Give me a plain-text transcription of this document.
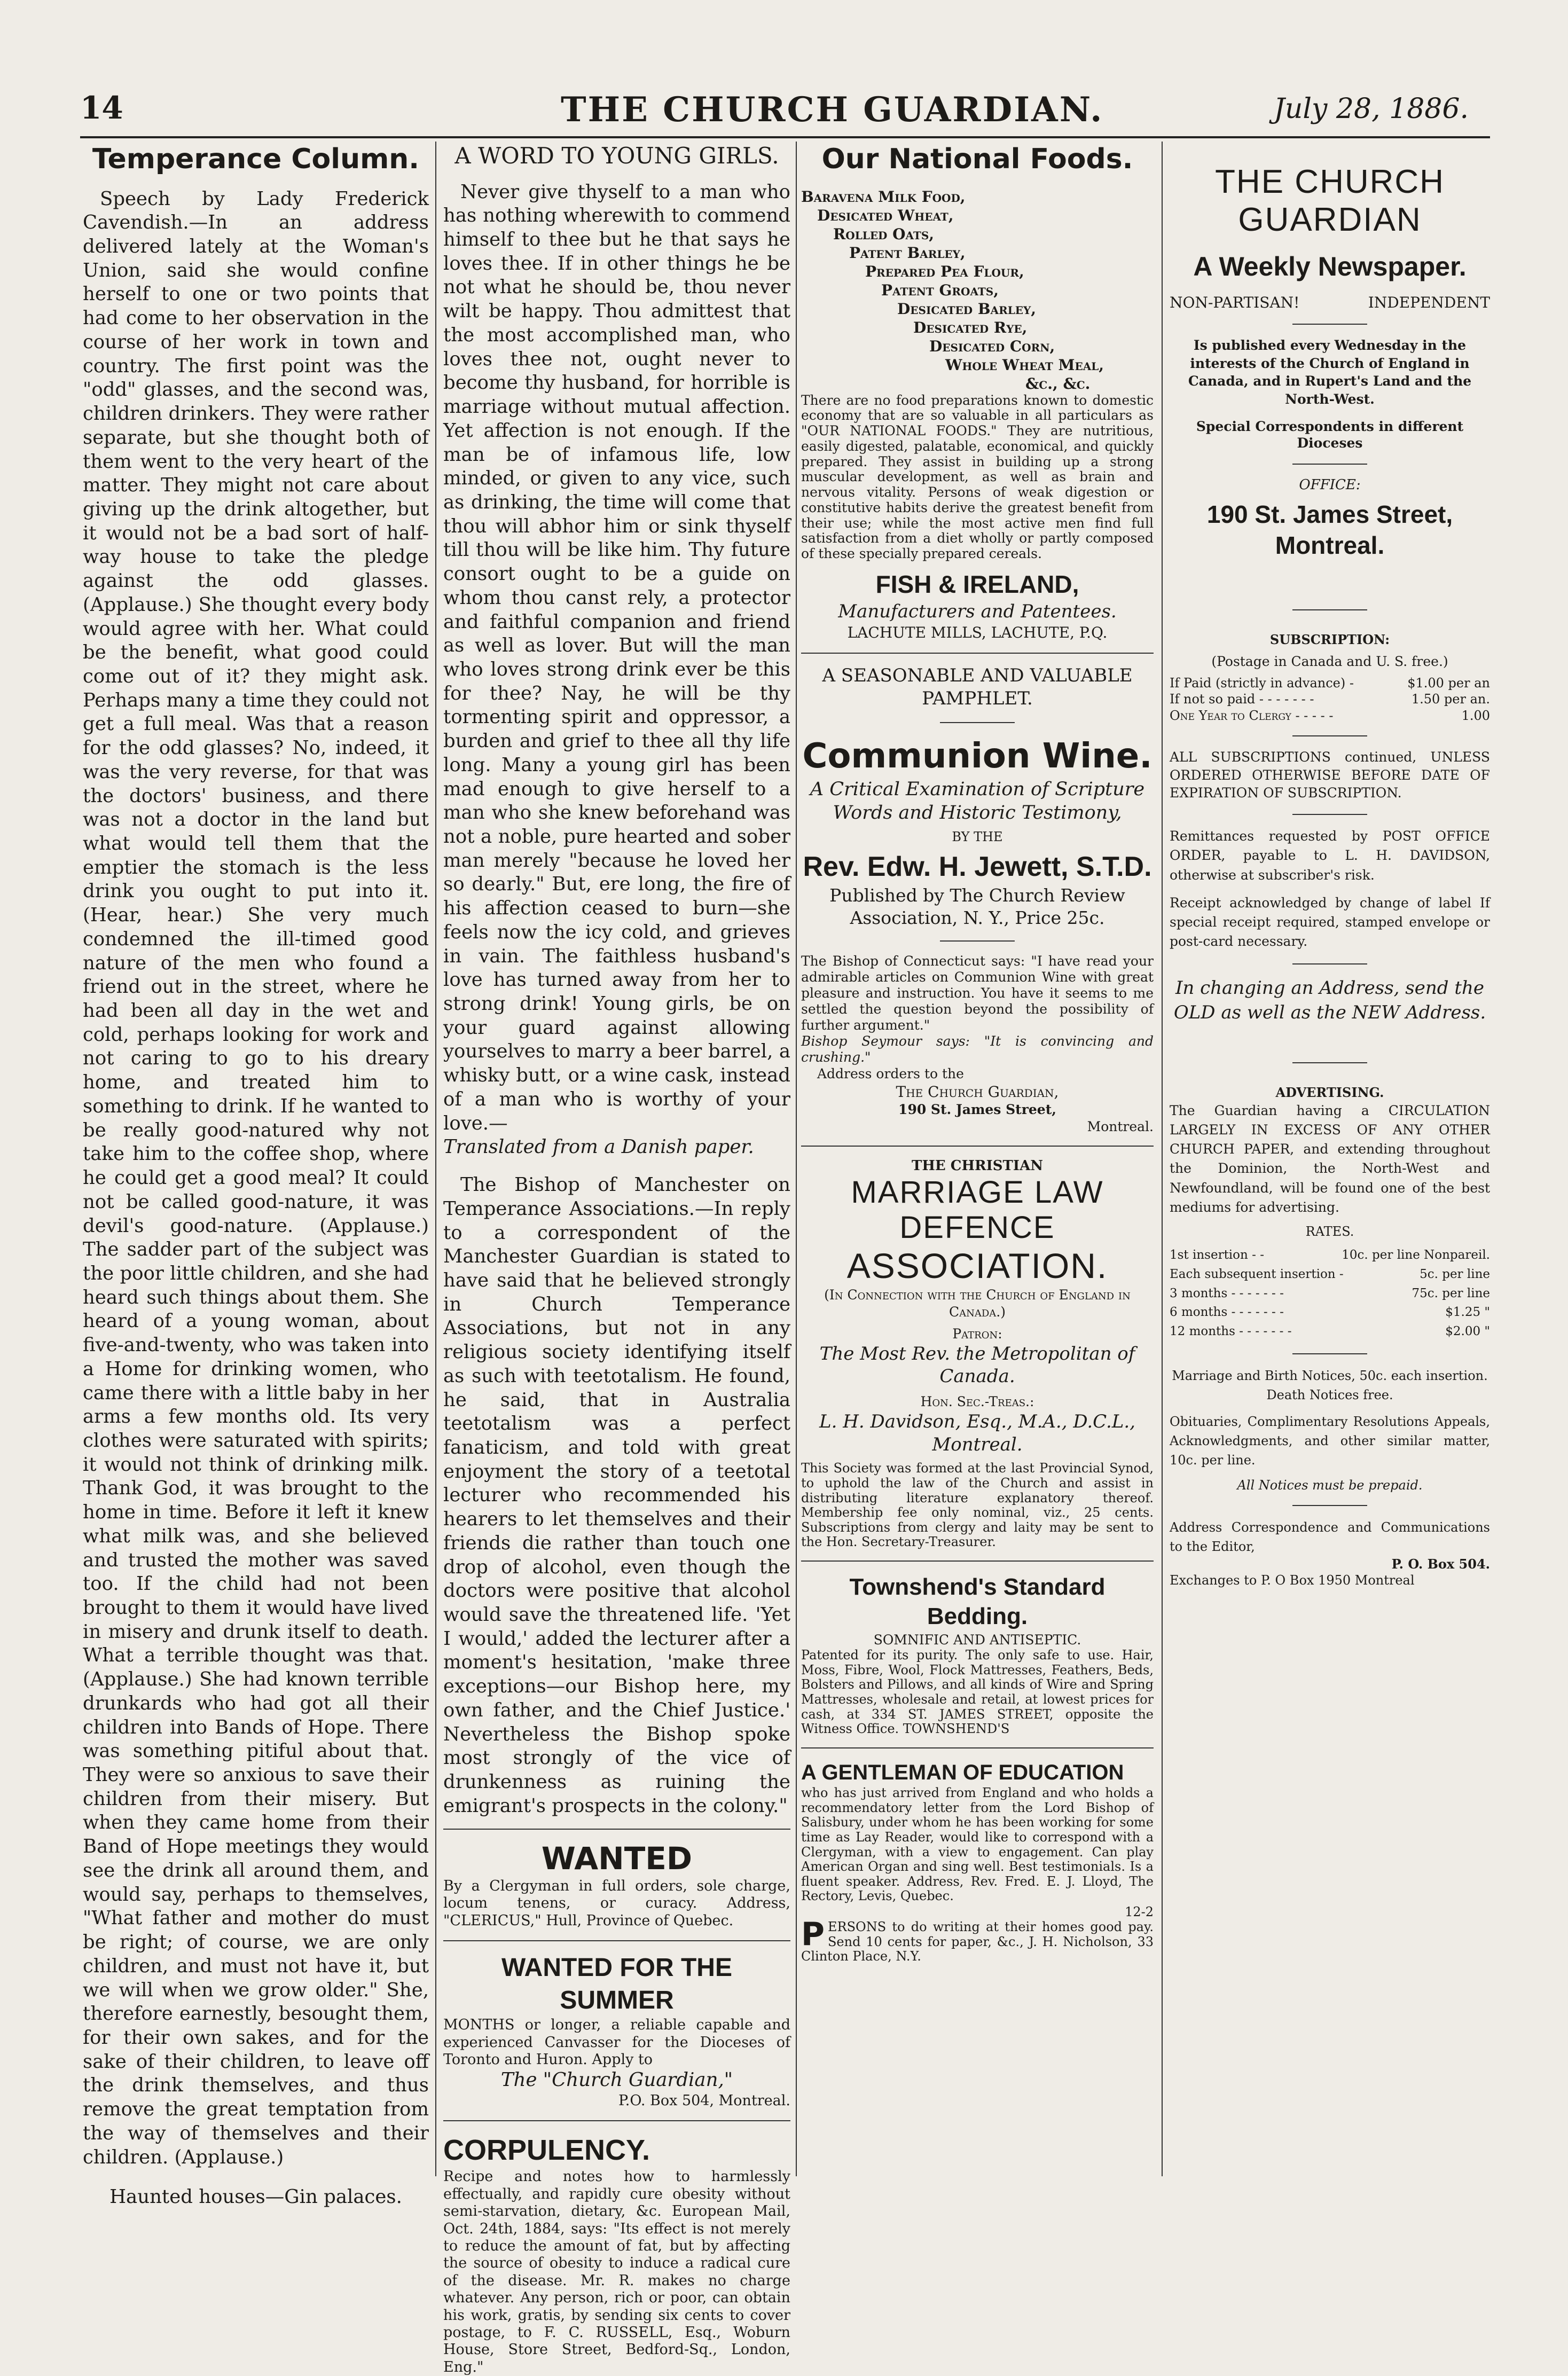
14	THE CHURCH GUARDIAN.	July 28, 1886.
Temperance Column.

Speech by Lady Frederick Cavendish.—In an address delivered lately at the Woman's Union, said she would confine herself to one or two points that had come to her observation in the course of her work in town and country. The first point was the "odd" glasses, and the second was, children drinkers. They were rather separate, but she thought both of them went to the very heart of the matter. They might not care about giving up the drink altogether, but it would not be a bad sort of half-way house to take the pledge against the odd glasses. (Applause.) She thought every body would agree with her. What could be the benefit, what good could come out of it? they might ask. Perhaps many a time they could not get a full meal. Was that a reason for the odd glasses? No, indeed, it was the very reverse, for that was the doctors' business, and there was not a doctor in the land but what would tell them that the emptier the stomach is the less drink you ought to put into it. (Hear, hear.) She very much condemned the ill-timed good nature of the men who found a friend out in the street, where he had been all day in the wet and cold, perhaps looking for work and not caring to go to his dreary home, and treated him to something to drink. If he wanted to be really good-natured why not take him to the coffee shop, where he could get a good meal? It could not be called good-nature, it was devil's good-nature. (Applause.) The sadder part of the subject was the poor little children, and she had heard such things about them. She heard of a young woman, about five-and-twenty, who was taken into a Home for drinking women, who came there with a little baby in her arms a few months old. Its very clothes were saturated with spirits; it would not think of drinking milk. Thank God, it was brought to the home in time. Before it left it knew what milk was, and she believed and trusted the mother was saved too. If the child had not been brought to them it would have lived in misery and drunk itself to death. What a terrible thought was that. (Applause.) She had known terrible drunkards who had got all their children into Bands of Hope. There was something pitiful about that. They were so anxious to save their children from their misery. But when they came home from their Band of Hope meetings they would see the drink all around them, and would say, perhaps to themselves, "What father and mother do must be right; of course, we are only children, and must not have it, but we will when we grow older." She, therefore earnestly, besought them, for their own sakes, and for the sake of their children, to leave off the drink themselves, and thus remove the great temptation from the way of themselves and their children. (Applause.)

Haunted houses—Gin palaces.

A WORD TO YOUNG GIRLS.

Never give thyself to a man who has nothing wherewith to commend himself to thee but he that says he loves thee. If in other things he be not what he should be, thou never wilt be happy. Thou admittest that the most accomplished man, who loves thee not, ought never to become thy husband, for horrible is marriage without mutual affection. Yet affection is not enough. If the man be of infamous life, low minded, or given to any vice, such as drinking, the time will come that thou will abhor him or sink thyself till thou will be like him. Thy future consort ought to be a guide on whom thou canst rely, a protector and faithful companion and friend as well as lover. But will the man who loves strong drink ever be this for thee? Nay, he will be thy tormenting spirit and oppressor, a burden and grief to thee all thy life long. Many a young girl has been mad enough to give herself to a man who she knew beforehand was not a noble, pure hearted and sober man merely "because he loved her so dearly." But, ere long, the fire of his affection ceased to burn—she feels now the icy cold, and grieves in vain. The faithless husband's love has turned away from her to strong drink! Young girls, be on your guard against allowing yourselves to marry a beer barrel, a whisky butt, or a wine cask, instead of a man who is worthy of your love.—

Translated from a Danish paper.

The Bishop of Manchester on Temperance Associations.—In reply to a correspondent of the Manchester Guardian is stated to have said that he believed strongly in Church Temperance Associations, but not in any religious society identifying itself as such with teetotalism. He found, he said, that in Australia teetotalism was a perfect fanaticism, and told with great enjoyment the story of a teetotal lecturer who recommended his hearers to let themselves and their friends die rather than touch one drop of alcohol, even though the doctors were positive that alcohol would save the threatened life. 'Yet I would,' added the lecturer after a moment's hesitation, 'make three exceptions—our Bishop here, my own father, and the Chief Justice.' Nevertheless the Bishop spoke most strongly of the vice of drunkenness as ruining the emigrant's prospects in the colony."

WANTED

By a Clergyman in full orders, sole charge, locum tenens, or curacy. Address, "CLERICUS," Hull, Province of Quebec.

WANTED FOR THE SUMMER

MONTHS or longer, a reliable capable and experienced Canvasser for the Dioceses of Toronto and Huron. Apply to

The "Church Guardian,"

P.O. Box 504, Montreal.

CORPULENCY.

Recipe and notes how to harmlessly effectually, and rapidly cure obesity without semi-starvation, dietary, &c. European Mail, Oct. 24th, 1884, says: "Its effect is not merely to reduce the amount of fat, but by affecting the source of obesity to induce a radical cure of the disease. Mr. R. makes no charge whatever. Any person, rich or poor, can obtain his work, gratis, by sending six cents to cover postage, to F. C. RUSSELL, Esq., Woburn House, Store Street, Bedford-Sq., London, Eng."

Our National Foods.

Baravena Milk Food,

Desicated Wheat,

Rolled Oats,

Patent Barley,

Prepared Pea Flour,

Patent Groats,

Desicated Barley,

Desicated Rye,

Desicated Corn,

Whole Wheat Meal,

&c., &c.

There are no food preparations known to domestic economy that are so valuable in all particulars as "OUR NATIONAL FOODS." They are nutritious, easily digested, palatable, economical, and quickly prepared. They assist in building up a strong muscular development, as well as brain and nervous vitality. Persons of weak digestion or constitutive habits derive the greatest benefit from their use; while the most active men find full satisfaction from a diet wholly or partly composed of these specially prepared cereals.

FISH & IRELAND,

Manufacturers and Patentees.

LACHUTE MILLS, LACHUTE, P.Q.

A SEASONABLE AND VALUABLE PAMPHLET.

Communion Wine.

A Critical Examination of Scripture Words and Historic Testimony,

BY THE

Rev. Edw. H. Jewett, S.T.D.

Published by The Church Review Association, N. Y., Price 25c.

The Bishop of Connecticut says: "I have read your admirable articles on Communion Wine with great pleasure and instruction. You have it seems to me settled the question beyond the possibility of further argument."

Bishop Seymour says: "It is convincing and crushing."

Address orders to the

The Church Guardian,

190 St. James Street,

Montreal.

THE CHRISTIAN

MARRIAGE LAW DEFENCE
ASSOCIATION.

(In Connection with the Church of England in Canada.)

Patron:

The Most Rev. the Metropolitan of Canada.

Hon. Sec.-Treas.:

L. H. Davidson, Esq., M.A., D.C.L., Montreal.

This Society was formed at the last Provincial Synod, to uphold the law of the Church and assist in distributing literature explanatory thereof. Membership fee only nominal, viz., 25 cents. Subscriptions from clergy and laity may be sent to the Hon. Secretary-Treasurer.

Townshend's Standard Bedding.

SOMNIFIC AND ANTISEPTIC.

Patented for its purity. The only safe to use. Hair, Moss, Fibre, Wool, Flock Mattresses, Feathers, Beds, Bolsters and Pillows, and all kinds of Wire and Spring Mattresses, wholesale and retail, at lowest prices for cash, at 334 ST. JAMES STREET, opposite the Witness Office. TOWNSHEND'S

A GENTLEMAN OF EDUCATION

who has just arrived from England and who holds a recommendatory letter from the Lord Bishop of Salisbury, under whom he has been working for some time as Lay Reader, would like to correspond with a Clergyman, with a view to engagement. Can play American Organ and sing well. Best testimonials. Is a fluent speaker. Address, Rev. Fred. E. J. Lloyd, The Rectory, Levis, Quebec.

12-2

PERSONS to do writing at their homes good pay. Send 10 cents for paper, &c., J. H. Nicholson, 33 Clinton Place, N.Y.

THE CHURCH GUARDIAN
A Weekly Newspaper.
NON-PARTISAN!	INDEPENDENT

Is published every Wednesday in the interests of the Church of England in Canada, and in Rupert's Land and the North-West.

Special Correspondents in different Dioceses

OFFICE:

190 St. James Street, Montreal.

SUBSCRIPTION:

(Postage in Canada and U. S. free.)

If Paid (strictly in advance) -	$1.00 per an
If not so paid - - - - - - -	1.50 per an.
One Year to Clergy - - - - -	1.00

ALL SUBSCRIPTIONS continued, UNLESS ORDERED OTHERWISE BEFORE DATE OF EXPIRATION OF SUBSCRIPTION.

Remittances requested by POST OFFICE ORDER, payable to L. H. DAVIDSON, otherwise at subscriber's risk.

Receipt acknowledged by change of label If special receipt required, stamped envelope or post-card necessary.

In changing an Address, send the OLD as well as the NEW Address.

ADVERTISING.

The Guardian having a CIRCULATION LARGELY IN EXCESS OF ANY OTHER CHURCH PAPER, and extending throughout the Dominion, the North-West and Newfoundland, will be found one of the best mediums for advertising.

RATES.

1st insertion - -	10c. per line Nonpareil.
Each subsequent insertion -	5c. per line
3 months - - - - - - -	75c. per line
6 months - - - - - - -	$1.25 "
12 months - - - - - - -	$2.00 "

Marriage and Birth Notices, 50c. each insertion. Death Notices free.

Obituaries, Complimentary Resolutions Appeals, Acknowledgments, and other similar matter, 10c. per line.

All Notices must be prepaid.

Address Correspondence and Communications to the Editor,

P. O. Box 504.

Exchanges to P. O Box 1950 Montreal
